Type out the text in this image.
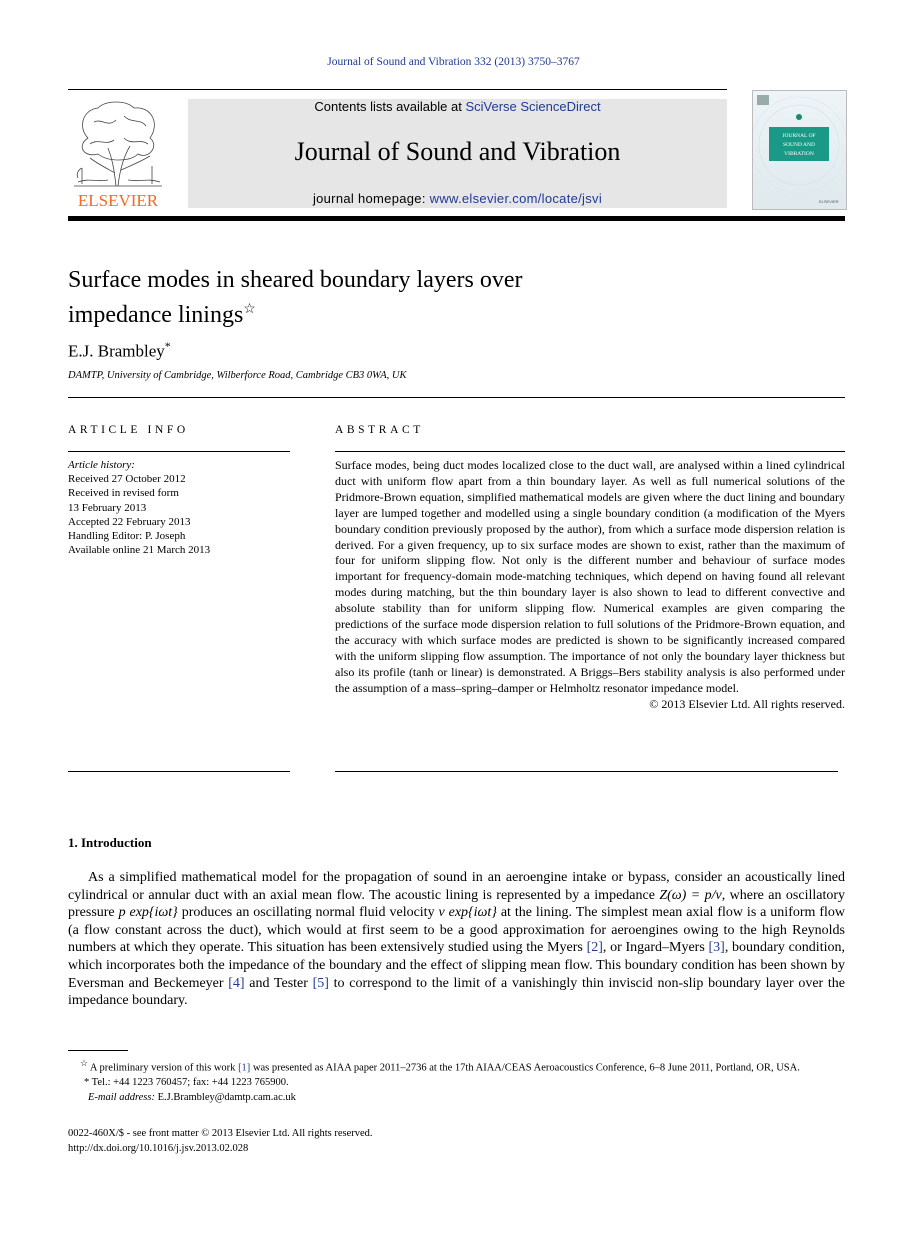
Journal of Sound and Vibration 332 (2013) 3750–3767
ELSEVIER
Contents lists available at SciVerse ScienceDirect
Journal of Sound and Vibration
journal homepage: www.elsevier.com/locate/jsvi
JOURNAL OF
SOUND AND
VIBRATION
ELSEVIER
Surface modes in sheared boundary layers over
impedance linings☆
E.J. Brambley*
DAMTP, University of Cambridge, Wilberforce Road, Cambridge CB3 0WA, UK
ARTICLE INFO
Article history:
Received 27 October 2012
Received in revised form
13 February 2013
Accepted 22 February 2013
Handling Editor: P. Joseph
Available online 21 March 2013
ABSTRACT
Surface modes, being duct modes localized close to the duct wall, are analysed within a lined cylindrical duct with uniform flow apart from a thin boundary layer. As well as full numerical solutions of the Pridmore-Brown equation, simplified mathematical models are given where the duct lining and boundary layer are lumped together and modelled using a single boundary condition (a modification of the Myers boundary condition previously proposed by the author), from which a surface mode dispersion relation is derived. For a given frequency, up to six surface modes are shown to exist, rather than the maximum of four for uniform slipping flow. Not only is the different number and behaviour of surface modes important for frequency-domain mode-matching techniques, which depend on having found all relevant modes during matching, but the thin boundary layer is also shown to lead to different convective and absolute stability than for uniform slipping flow. Numerical examples are given comparing the predictions of the surface mode dispersion relation to full solutions of the Pridmore-Brown equation, and the accuracy with which surface modes are predicted is shown to be significantly increased compared with the uniform slipping flow assumption. The importance of not only the boundary layer thickness but also its profile (tanh or linear) is demonstrated. A Briggs–Bers stability analysis is also performed under the assumption of a mass–spring–damper or Helmholtz resonator impedance model.
© 2013 Elsevier Ltd. All rights reserved.
1. Introduction
As a simplified mathematical model for the propagation of sound in an aeroengine intake or bypass, consider an acoustically lined cylindrical or annular duct with an axial mean flow. The acoustic lining is represented by a impedance Z(ω) = p/v, where an oscillatory pressure p exp{iωt} produces an oscillating normal fluid velocity v exp{iωt} at the lining. The simplest mean axial flow is a uniform flow (a flow constant across the duct), which would at first seem to be a good approximation for aeroengines owing to the high Reynolds numbers at which they operate. This situation has been extensively studied using the Myers [2], or Ingard–Myers [3], boundary condition, which incorporates both the impedance of the boundary and the effect of slipping mean flow. This boundary condition has been shown by Eversman and Beckemeyer [4] and Tester [5] to correspond to the limit of a vanishingly thin inviscid non-slip boundary layer over the impedance boundary.

☆ A preliminary version of this work [1] was presented as AIAA paper 2011–2736 at the 17th AIAA/CEAS Aeroacoustics Conference, 6–8 June 2011, Portland, OR, USA.

* Tel.: +44 1223 760457; fax: +44 1223 765900.

E-mail address: E.J.Brambley@damtp.cam.ac.uk

0022-460X/$ - see front matter © 2013 Elsevier Ltd. All rights reserved.
http://dx.doi.org/10.1016/j.jsv.2013.02.028
